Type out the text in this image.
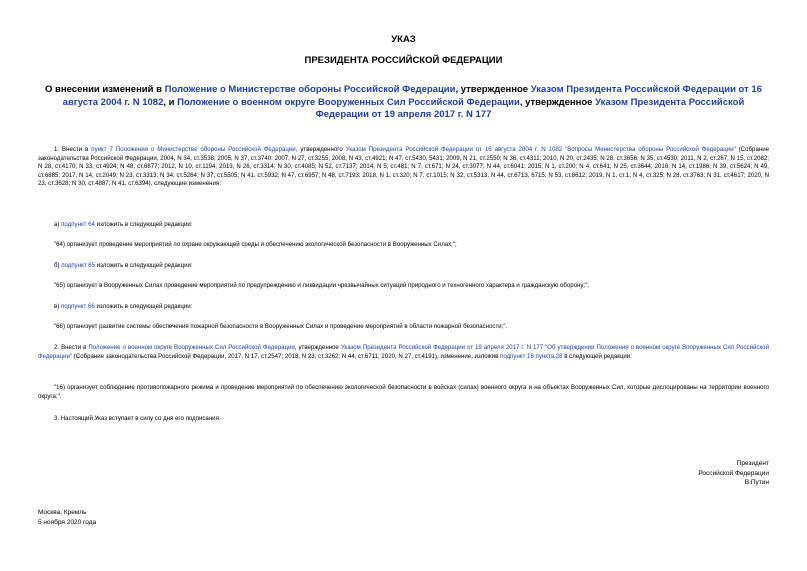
УКАЗ
ПРЕЗИДЕНТА РОССИЙСКОЙ ФЕДЕРАЦИИ
О внесении изменений в Положение о Министерстве обороны Российской Федерации, утвержденное Указом Президента Российской Федерации от 16 августа 2004 г. N 1082, и Положение о военном округе Вооруженных Сил Российской Федерации, утвержденное Указом Президента Российской Федерации от 19 апреля 2017 г. N 177
1. Внести в пункт 7 Положения о Министерстве обороны Российской Федерации, утвержденного Указом Президента Российской Федерации от 16 августа 2004 г. N 1082 "Вопросы Министерства обороны Российской Федерации" (Собрание законодательства Российской Федерации, 2004, N 34, ст.3538; 2005, N 37, ст.3740; 2007, N 27, ст.3255; 2008, N 43, ст.4921; N 47, ст.5430, 5431; 2009, N 21, ст.2550; N 36, ст.4311; 2010, N 20, ст.2435; N 28, ст.3656; N 35, ст.4530; 2011, N 2, ст.267; N 15, ст.2082; N 28, ст.4170; N 33, ст.4924; N 48, ст.6877; 2012, N 10, ст.1194; 2013, N 26, ст.3314; N 30, ст.4085; N 52, ст.7137; 2014, N 5, ст.481; N 7, ст.671; N 24, ст.3077; N 44, ст.6041; 2015, N 1, ст.200; N 4, ст.641; N 25, ст.3644; 2016, N 14, ст.1986; N 39, ст.5624; N 49, ст.6885; 2017, N 14, ст.2049; N 23, ст.3313; N 34, ст.5264; N 37, ст.5505; N 41, ст.5932; N 47, ст.6957; N 48, ст.7193; 2018, N 1, ст.320; N 7, ст.1015; N 32, ст.5313; N 44, ст.6713, 6715; N 53, ст.8612; 2019, N 1, ст.1; N 4, ст.325; N 28, ст.3763; N 31, ст.4617; 2020, N 23, ст.3628; N 30, ст.4887; N 41, ст.6394), следующие изменения:
а) подпункт 64 изложить в следующей редакции:
"64) организует проведение мероприятий по охране окружающей среды и обеспечению экологической безопасности в Вооруженных Силах;";
б) подпункт 65 изложить в следующей редакции:
"65) организует в Вооруженных Силах проведение мероприятий по предупреждению и ликвидации чрезвычайных ситуаций природного и техногенного характера и гражданскую оборону;";
в) подпункт 66 изложить в следующей редакции:
"66) организует развитие системы обеспечения пожарной безопасности в Вооруженных Силах и проведение мероприятий в области пожарной безопасности;".
2. Внести в Положение о военном округе Вооруженных Сил Российской Федерации, утвержденное Указом Президента Российской Федерации от 19 апреля 2017 г. N 177 "Об утверждении Положения о военном округе Вооруженных Сил Российской Федерации" (Собрание законодательства Российской Федерации, 2017, N 17, ст.2547; 2018, N 23, ст.3262; N 44, ст.6711; 2020, N 27, ст.4191), изменение, изложив подпункт 16 пункта 28 в следующей редакции:
"16) организует соблюдение противопожарного режима и проведение мероприятий по обеспечению экологической безопасности в войсках (силах) военного округа и на объектах Вооруженных Сил, которые дислоцированы на территории военного округа;".
3. Настоящий Указ вступает в силу со дня его подписания.
Президент
Российской Федерации
В.Путин
Москва, Кремль
5 ноября 2020 года
